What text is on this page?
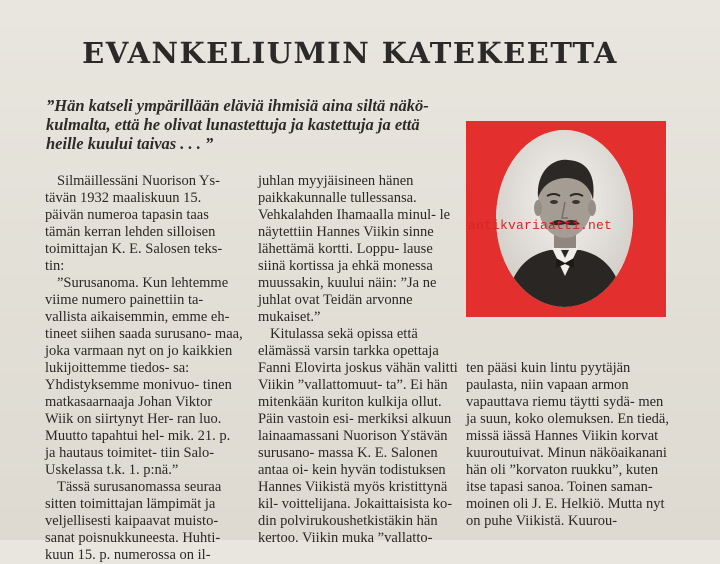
EVANKELIUMIN KATEKEETTA
”Hän katseli ympärillään eläviä ihmisiä aina siltä näkö-
kulmalta, että he olivat lunastettuja ja kastettuja ja että
heille kuului taivas . . . ”
antikvariaatti.net

Silmäillessäni Nuorison Ys- tävän 1932 maaliskuun 15. päivän numeroa tapasin taas tämän kerran lehden silloisen toimittajan K. E. Salosen teks- tin:

”Surusanoma. Kun lehtemme viime numero painettiin ta- vallista aikaisemmin, emme eh- tineet siihen saada surusano- maa, joka varmaan nyt on jo kaikkien lukijoittemme tiedos- sa: Yhdistyksemme monivuo- tinen matkasaarnaaja Johan Viktor Wiik on siirtynyt Her- ran luo. Muutto tapahtui hel- mik. 21. p. ja hautaus toimitet- tiin Salo-Uskelassa t.k. 1. p:nä.”

Tässä surusanomassa seuraa sitten toimittajan lämpimät ja veljellisesti kaipaavat muisto- sanat poisnukkuneesta. Huhti- kuun 15. p. numerossa on il-

juhlan myyjäisineen hänen paikkakunnalle tullessansa. Vehkalahden Ihamaalla minul- le näytettiin Hannes Viikin sinne lähettämä kortti. Loppu- lause siinä kortissa ja ehkä monessa muussakin, kuului näin: ”Ja ne juhlat ovat Teidän arvonne mukaiset.”

Kitulassa sekä opissa että elämässä varsin tarkka opettaja Fanni Elovirta joskus vähän valitti Viikin ”vallattomuut- ta”. Ei hän mitenkään kuriton kulkija ollut. Päin vastoin esi- merkiksi alkuun lainaamassani Nuorison Ystävän surusano- massa K. E. Salonen antaa oi- kein hyvän todistuksen Hannes Viikistä myös kristittynä kil- voittelijana. Jokaittaisista ko- din polvirukoushetkistäkin hän kertoo. Viikin muka ”vallatto-

ten pääsi kuin lintu pyytäjän paulasta, niin vapaan armon vapauttava riemu täytti sydä- men ja suun, koko olemuksen. En tiedä, missä iässä Hannes Viikin korvat kuuroutuivat. Minun näköaikanani hän oli ”korvaton ruukku”, kuten itse tapasi sanoa. Toinen saman- moinen oli J. E. Helkiö. Mutta nyt on puhe Viikistä. Kuurou-
